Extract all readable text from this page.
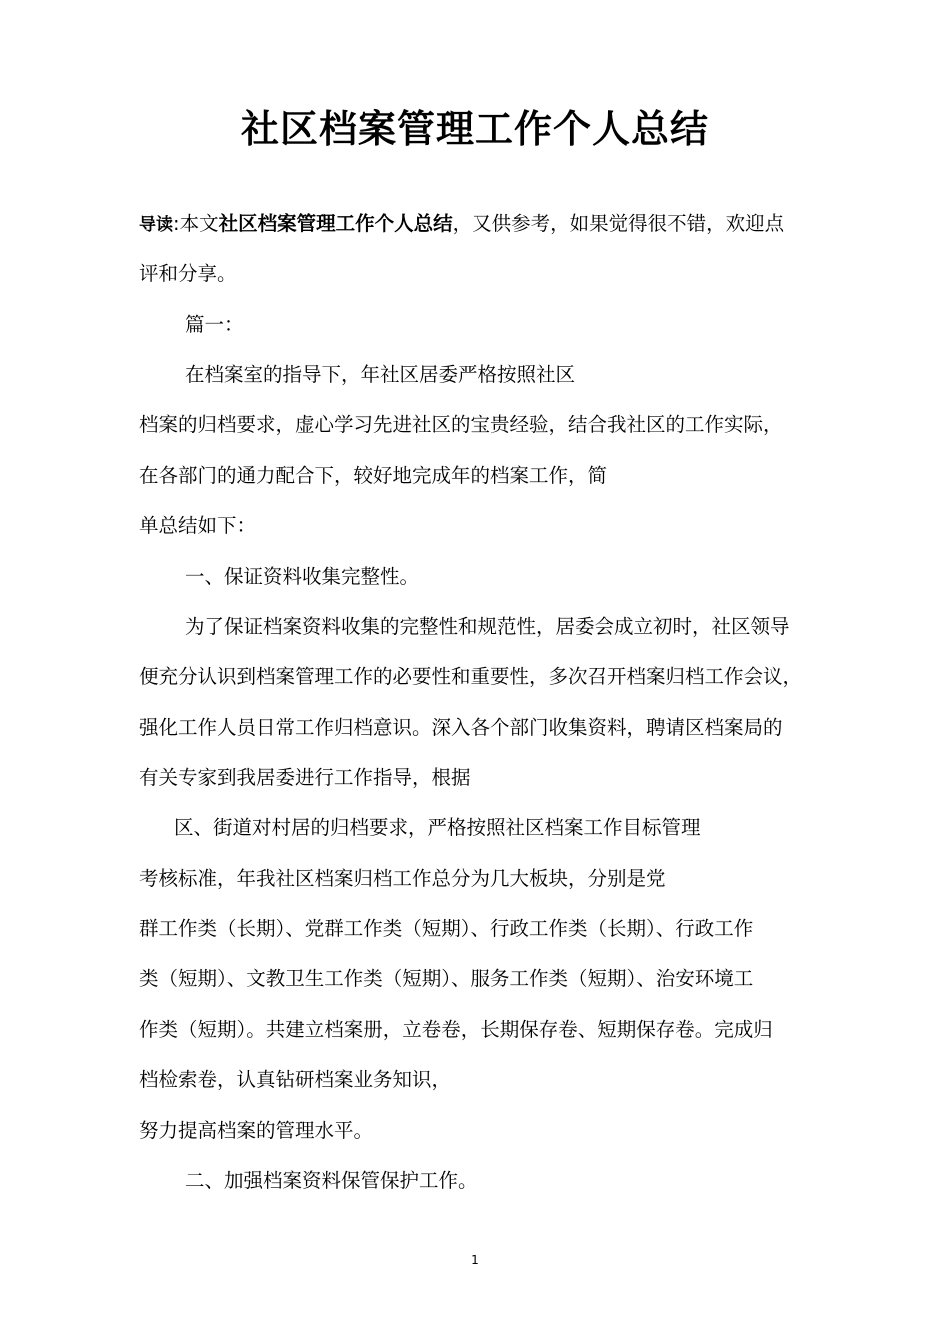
社区档案管理工作个人总结
导读:本文社区档案管理工作个人总结，又供参考，如果觉得很不错，欢迎点
评和分享。
篇一：
在档案室的指导下，年社区居委严格按照社区
档案的归档要求，虚心学习先进社区的宝贵经验，结合我社区的工作实际，
在各部门的通力配合下，较好地完成年的档案工作，简
单总结如下：
一、保证资料收集完整性。
为了保证档案资料收集的完整性和规范性，居委会成立初时，社区领导
便充分认识到档案管理工作的必要性和重要性，多次召开档案归档工作会议，
强化工作人员日常工作归档意识。深入各个部门收集资料，聘请区档案局的
有关专家到我居委进行工作指导，根据
区、街道对村居的归档要求，严格按照社区档案工作目标管理
考核标准，年我社区档案归档工作总分为几大板块，分别是党
群工作类（长期）、党群工作类（短期）、行政工作类（长期）、行政工作
类（短期）、文教卫生工作类（短期）、服务工作类（短期）、治安环境工
作类（短期）。共建立档案册，立卷卷，长期保存卷、短期保存卷。完成归
档检索卷，认真钻研档案业务知识，
努力提高档案的管理水平。
二、加强档案资料保管保护工作。
1
